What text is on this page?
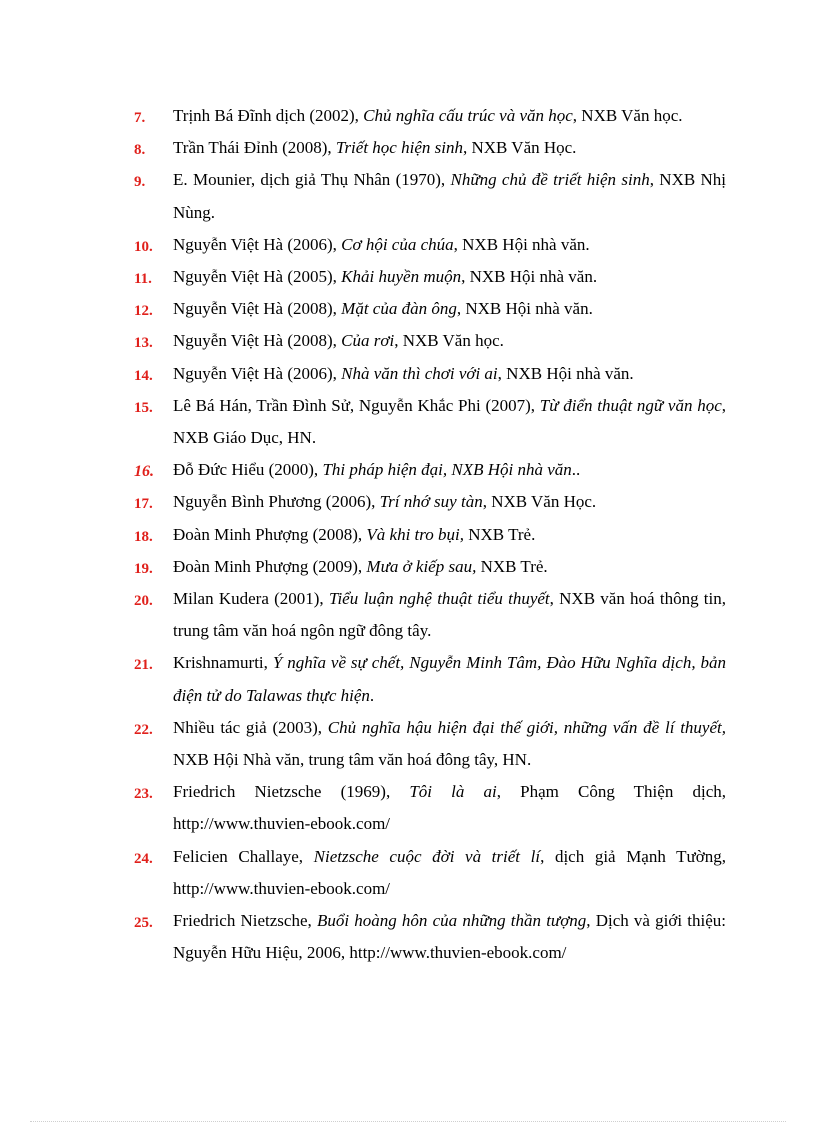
7.	Trịnh Bá Đĩnh dịch (2002), Chủ nghĩa cấu trúc và văn học, NXB Văn học.
8.	Trần Thái Đỉnh (2008), Triết học hiện sinh, NXB Văn Học.
9.	E. Mounier, dịch giả Thụ Nhân (1970), Những chủ đề triết hiện sinh, NXB Nhị Nùng.
10.	Nguyễn Việt Hà (2006), Cơ hội của chúa, NXB Hội nhà văn.
11.	Nguyễn Việt Hà (2005), Khải huyền muộn, NXB Hội nhà văn.
12.	Nguyễn Việt Hà (2008), Mặt của đàn ông, NXB Hội nhà văn.
13.	Nguyễn Việt Hà (2008), Của rơi, NXB Văn học.
14.	Nguyễn Việt Hà (2006), Nhà văn thì chơi với ai, NXB Hội nhà văn.
15.	Lê Bá Hán, Trần Đình Sử, Nguyễn Khắc Phi (2007), Từ điển thuật ngữ văn học, NXB Giáo Dục, HN.
16.	Đỗ Đức Hiểu (2000), Thi pháp hiện đại, NXB Hội nhà văn..
17.	Nguyễn Bình Phương (2006), Trí nhớ suy tàn, NXB Văn Học.
18.	Đoàn Minh Phượng (2008), Và khi tro bụi, NXB Trẻ.
19.	Đoàn Minh Phượng (2009), Mưa ở kiếp sau, NXB Trẻ.
20.	Milan Kudera (2001), Tiểu luận nghệ thuật tiểu thuyết, NXB văn hoá thông tin, trung tâm văn hoá ngôn ngữ đông tây.
21.	Krishnamurti, Ý nghĩa về sự chết, Nguyễn Minh Tâm, Đào Hữu Nghĩa dịch, bản điện tử do Talawas thực hiện.
22.	Nhiều tác giả (2003), Chủ nghĩa hậu hiện đại thế giới, những vấn đề lí thuyết, NXB Hội Nhà văn, trung tâm văn hoá đông tây, HN.
23.	Friedrich Nietzsche (1969), Tôi là ai, Phạm Công Thiện dịch, http://www.thuvien-ebook.com/
24.	Felicien Challaye, Nietzsche cuộc đời và triết lí, dịch giả Mạnh Tường, http://www.thuvien-ebook.com/
25.	Friedrich Nietzsche, Buổi hoàng hôn của những thần tượng, Dịch và giới thiệu: Nguyễn Hữu Hiệu, 2006, http://www.thuvien-ebook.com/
